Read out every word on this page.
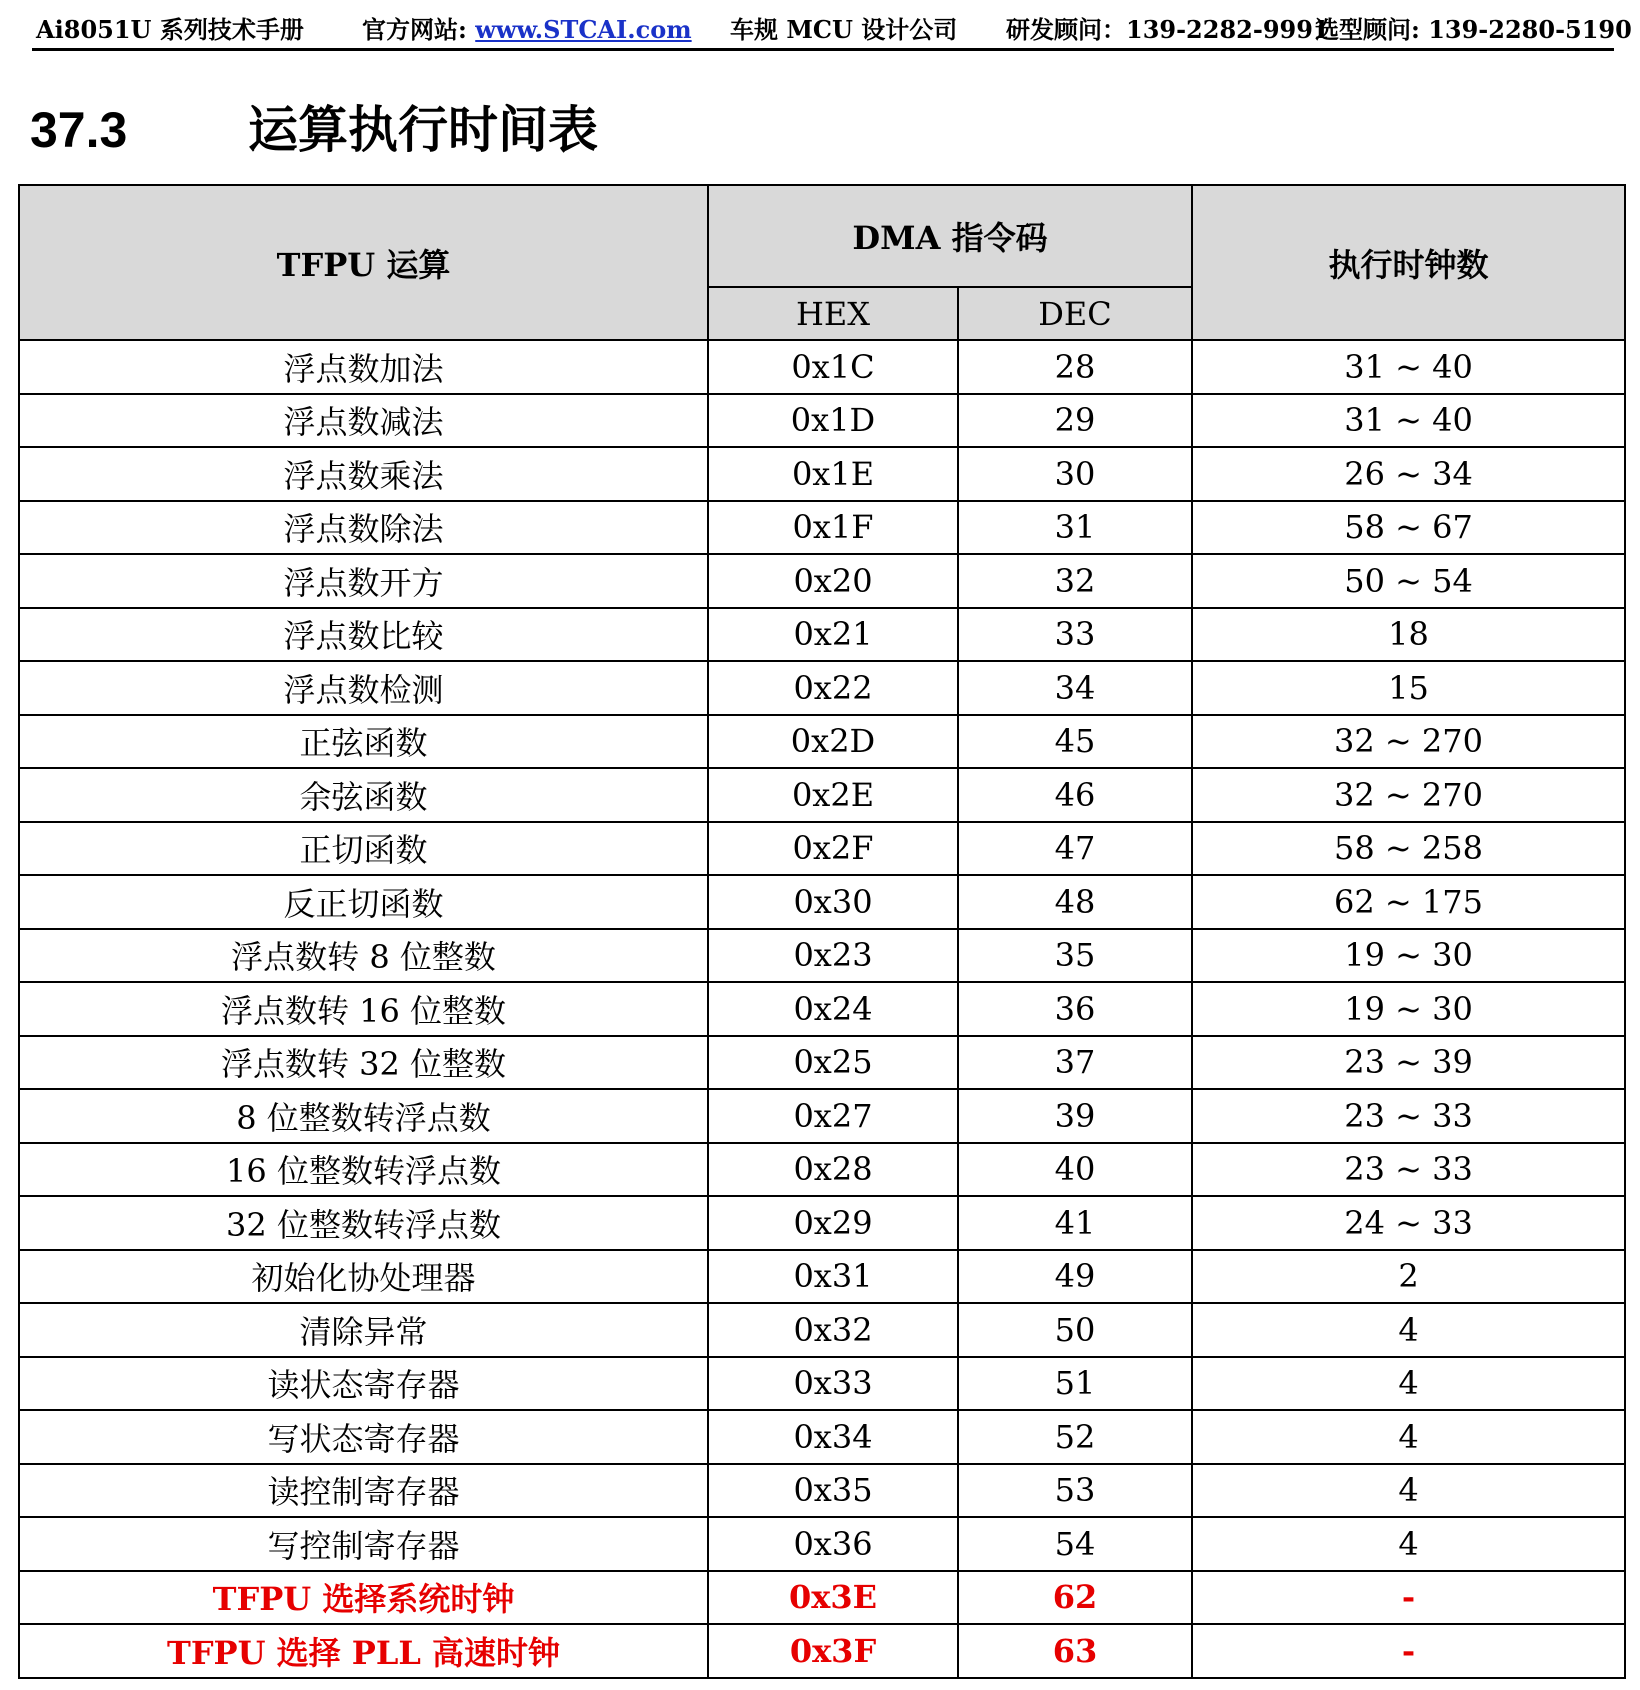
Ai8051U 系列技术手册 官方网站: www.STCAI.com 车规 MCU 设计公司 研发顾问：139-2282-9991
选型顾问: 139-2280-5190
37.3 运算执行时间表
TFPU 运算	DMA 指令码		执行时钟数
	HEX	DEC	
浮点数加法	0x1C	28	31 ~ 40
浮点数减法	0x1D	29	31 ~ 40
浮点数乘法	0x1E	30	26 ~ 34
浮点数除法	0x1F	31	58 ~ 67
浮点数开方	0x20	32	50 ~ 54
浮点数比较	0x21	33	18
浮点数检测	0x22	34	15
正弦函数	0x2D	45	32 ~ 270
余弦函数	0x2E	46	32 ~ 270
正切函数	0x2F	47	58 ~ 258
反正切函数	0x30	48	62 ~ 175
浮点数转 8 位整数	0x23	35	19 ~ 30
浮点数转 16 位整数	0x24	36	19 ~ 30
浮点数转 32 位整数	0x25	37	23 ~ 39
8 位整数转浮点数	0x27	39	23 ~ 33
16 位整数转浮点数	0x28	40	23 ~ 33
32 位整数转浮点数	0x29	41	24 ~ 33
初始化协处理器	0x31	49	2
清除异常	0x32	50	4
读状态寄存器	0x33	51	4
写状态寄存器	0x34	52	4
读控制寄存器	0x35	53	4
写控制寄存器	0x36	54	4
TFPU 选择系统时钟	0x3E	62	-
TFPU 选择 PLL 高速时钟	0x3F	63	-
